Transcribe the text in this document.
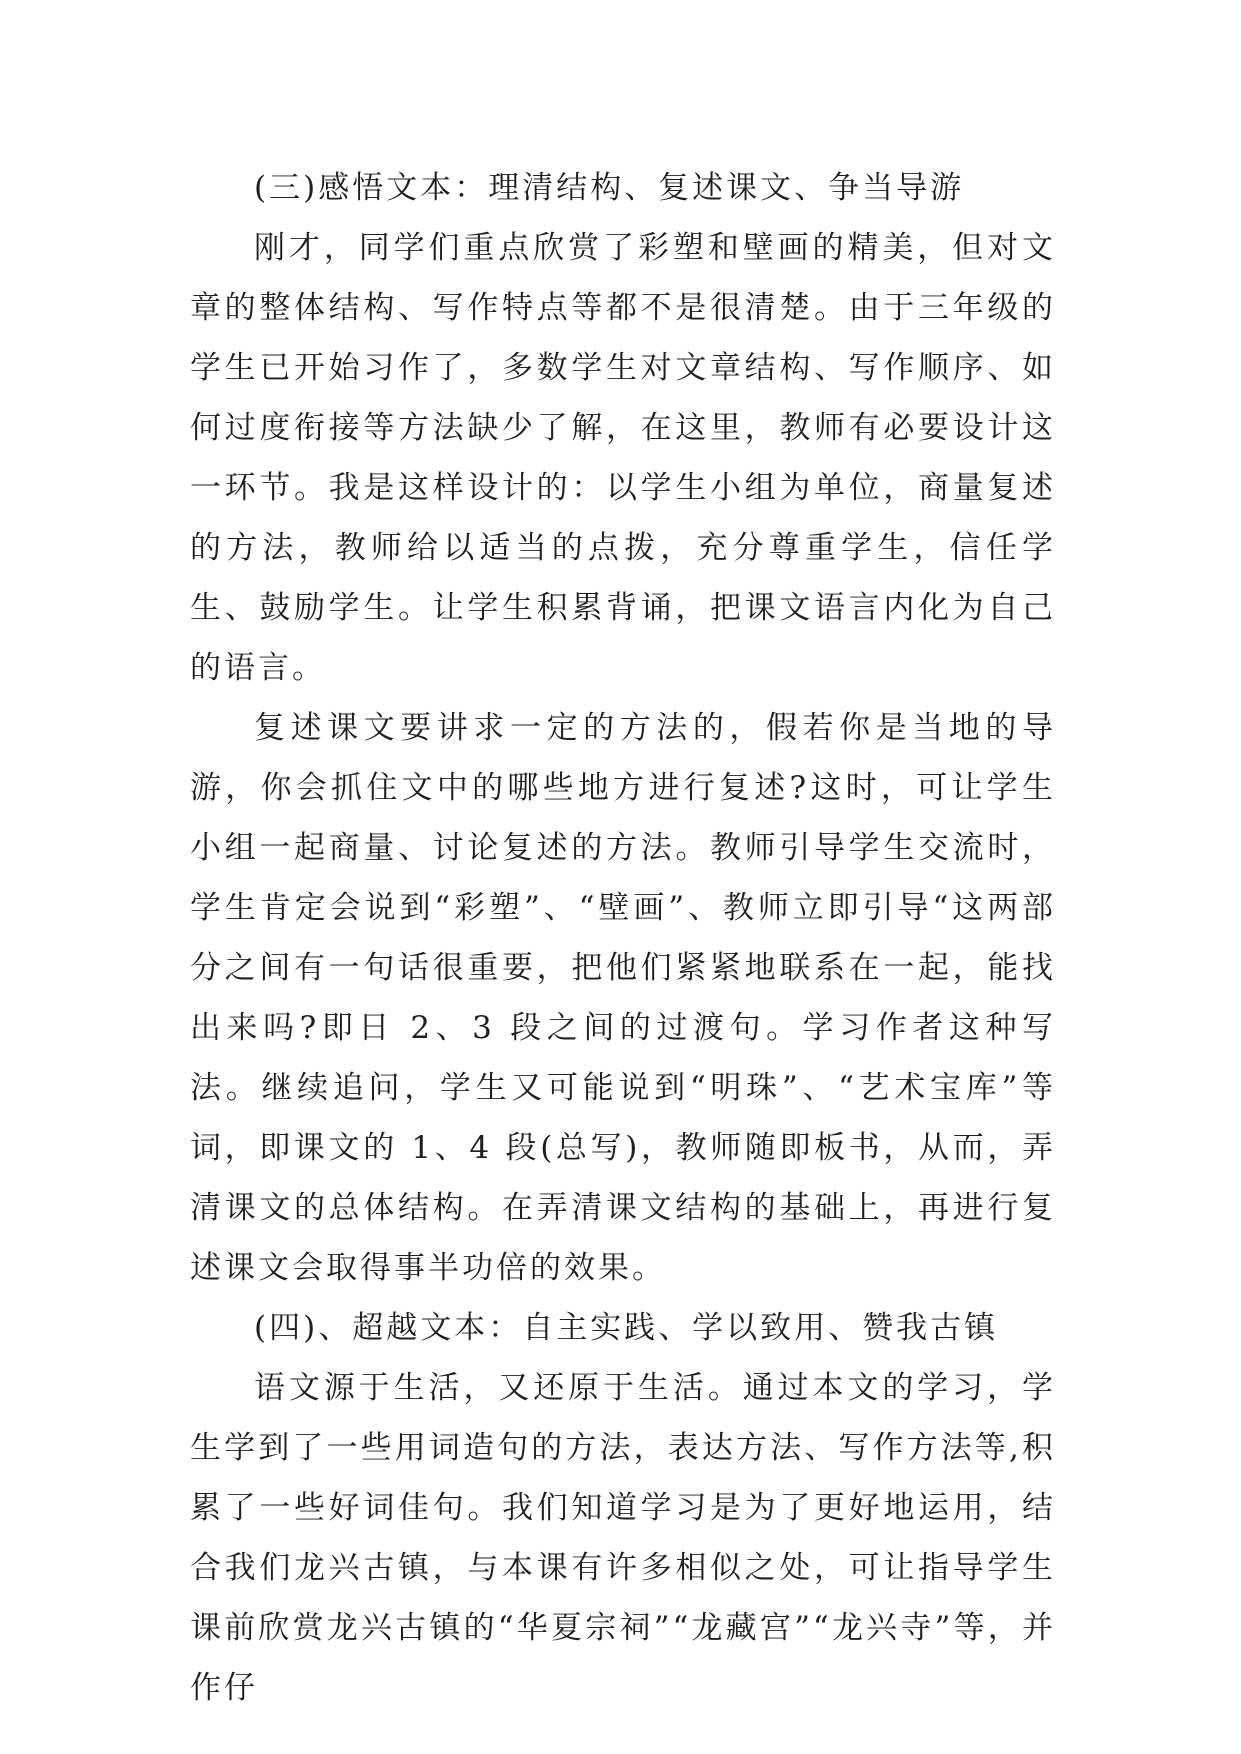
(三)感悟文本：理清结构、复述课文、争当导游

刚才，同学们重点欣赏了彩塑和壁画的精美，但对文章的整体结构、写作特点等都不是很清楚。由于三年级的学生已开始习作了，多数学生对文章结构、写作顺序、如何过度衔接等方法缺少了解，在这里，教师有必要设计这一环节。我是这样设计的：以学生小组为单位，商量复述的方法，教师给以适当的点拨，充分尊重学生，信任学生、鼓励学生。让学生积累背诵，把课文语言内化为自己的语言。

复述课文要讲求一定的方法的，假若你是当地的导游，你会抓住文中的哪些地方进行复述?这时，可让学生小组一起商量、讨论复述的方法。教师引导学生交流时，学生肯定会说到“彩塑”、“壁画”、教师立即引导“这两部分之间有一句话很重要，把他们紧紧地联系在一起，能找出来吗?即日 2、3 段之间的过渡句。学习作者这种写法。继续追问，学生又可能说到“明珠”、“艺术宝库”等词，即课文的 1、4 段(总写)，教师随即板书，从而，弄清课文的总体结构。在弄清课文结构的基础上，再进行复述课文会取得事半功倍的效果。

(四)、超越文本：自主实践、学以致用、赞我古镇

语文源于生活，又还原于生活。通过本文的学习，学生学到了一些用词造句的方法，表达方法、写作方法等,积累了一些好词佳句。我们知道学习是为了更好地运用，结合我们龙兴古镇，与本课有许多相似之处，可让指导学生课前欣赏龙兴古镇的“华夏宗祠”“龙藏宫”“龙兴寺”等，并作仔
